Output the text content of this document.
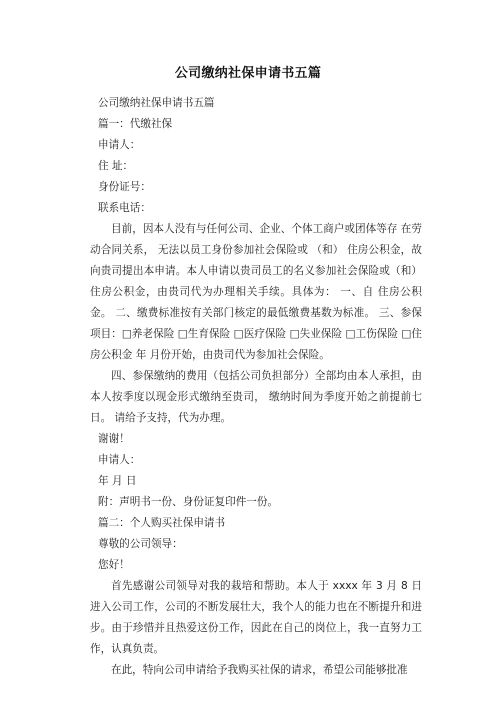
公司缴纳社保申请书五篇
公司缴纳社保申请书五篇
篇一：代缴社保
申请人：
住 址：
身份证号：
联系电话：

目前，因本人没有与任何公司、企业、个体工商户或团体等存 在劳动合同关系， 无法以员工身份参加社会保险或 （和） 住房公积金，故向贵司提出本申请。本人申请以贵司员工的名义参加社会保险或（和）住房公积金，由贵司代为办理相关手续。具体为： 一、自 住房公积金。 二、缴费标准按有关部门核定的最低缴费基数为标准。 三、参保项目：□养老保险 □生育保险 □医疗保险 □失业保险 □工伤保险 □住房公积金 年 月份开始，由贵司代为参加社会保险。

四、参保缴纳的费用（包括公司负担部分）全部均由本人承担，由本人按季度以现金形式缴纳至贵司， 缴纳时间为季度开始之前提前七日。 请给予支持，代为办理。

谢谢！
申请人：
年 月 日
附：声明书一份、身份证复印件一份。
篇二：个人购买社保申请书
尊敬的公司领导：
您好！

首先感谢公司领导对我的栽培和帮助。本人于 xxxx 年 3 月 8 日进入公司工作，公司的不断发展壮大，我个人的能力也在不断提升和进步。由于珍惜并且热爱这份工作，因此在自己的岗位上，我一直努力工作，认真负责。

在此，特向公司申请给予我购买社保的请求，希望公司能够批准
